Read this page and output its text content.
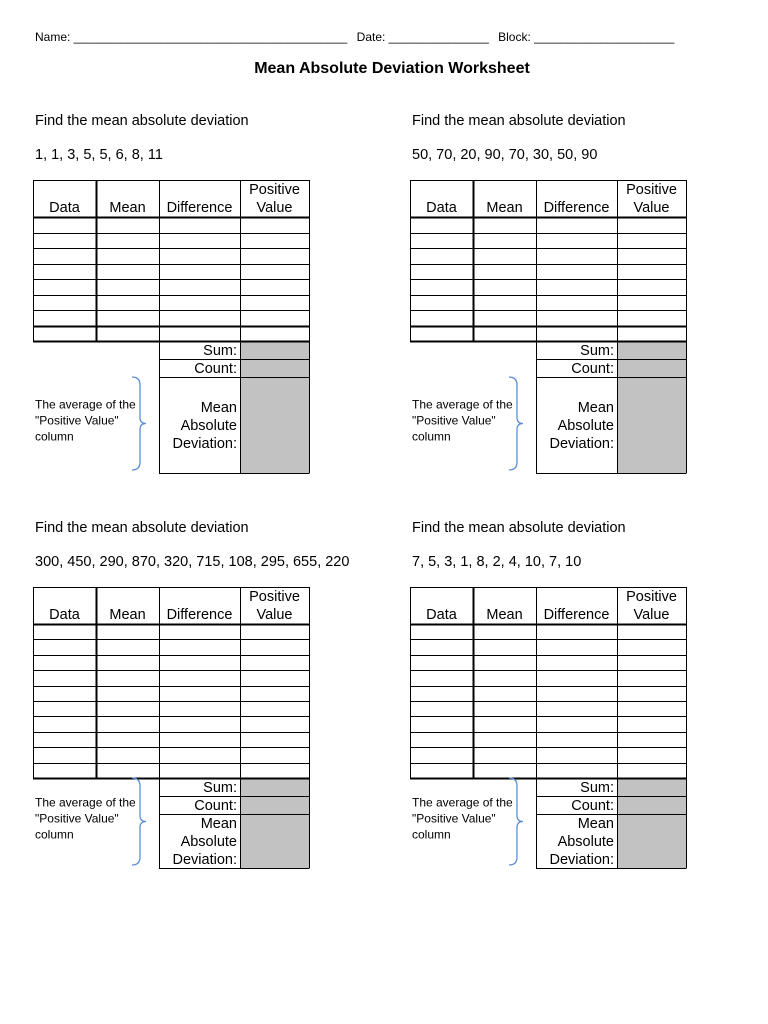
Name: _________________________________________ Date: _______________ Block: _____________________
Mean Absolute Deviation Worksheet
Find the mean absolute deviation
1, 1, 3, 5, 5, 6, 8, 11
Data Mean Difference
Positive
Value
Sum:
Count:
Mean
Absolute
Deviation:
The average of the
"Positive Value"
column
Find the mean absolute deviation
50, 70, 20, 90, 70, 30, 50, 90
Data Mean Difference
Positive
Value
Sum:
Count:
Mean
Absolute
Deviation:
The average of the
"Positive Value"
column
Find the mean absolute deviation
300, 450, 290, 870, 320, 715, 108, 295, 655, 220
Data Mean Difference
Positive
Value
Sum:
Count:
Mean
Absolute
Deviation:
The average of the
"Positive Value"
column
Find the mean absolute deviation
7, 5, 3, 1, 8, 2, 4, 10, 7, 10
Data Mean Difference
Positive
Value
Sum:
Count:
Mean
Absolute
Deviation:
The average of the
"Positive Value"
column
